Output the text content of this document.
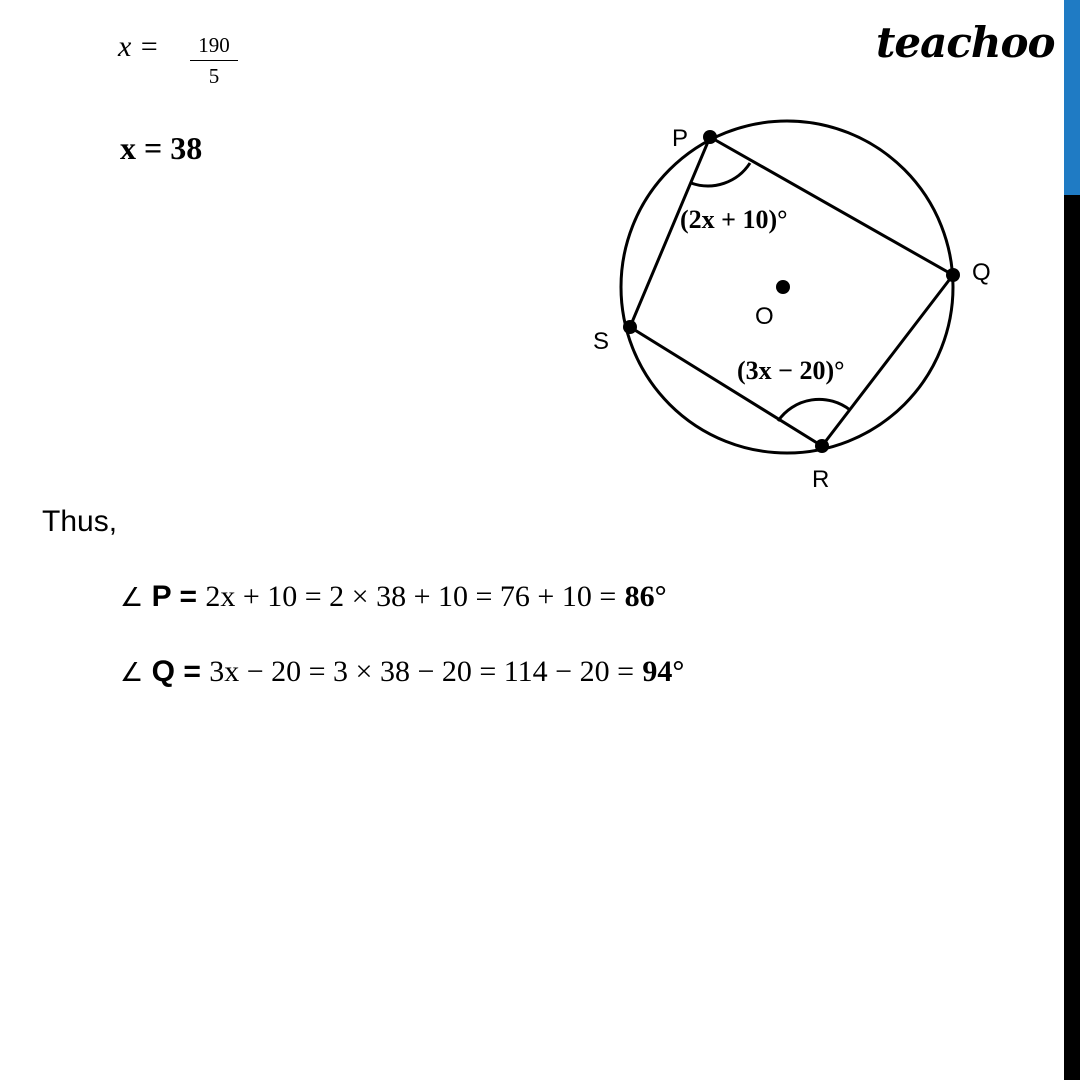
x =	190
5
x = 38
teachoo
P
Q
R
S
O
(2x + 10)°
(3x − 20)°
Thus,
∠ P = 2x + 10 = 2 × 38 + 10 = 76 + 10 = 86°
∠ Q = 3x − 20 = 3 × 38 − 20 = 114 − 20 = 94°
